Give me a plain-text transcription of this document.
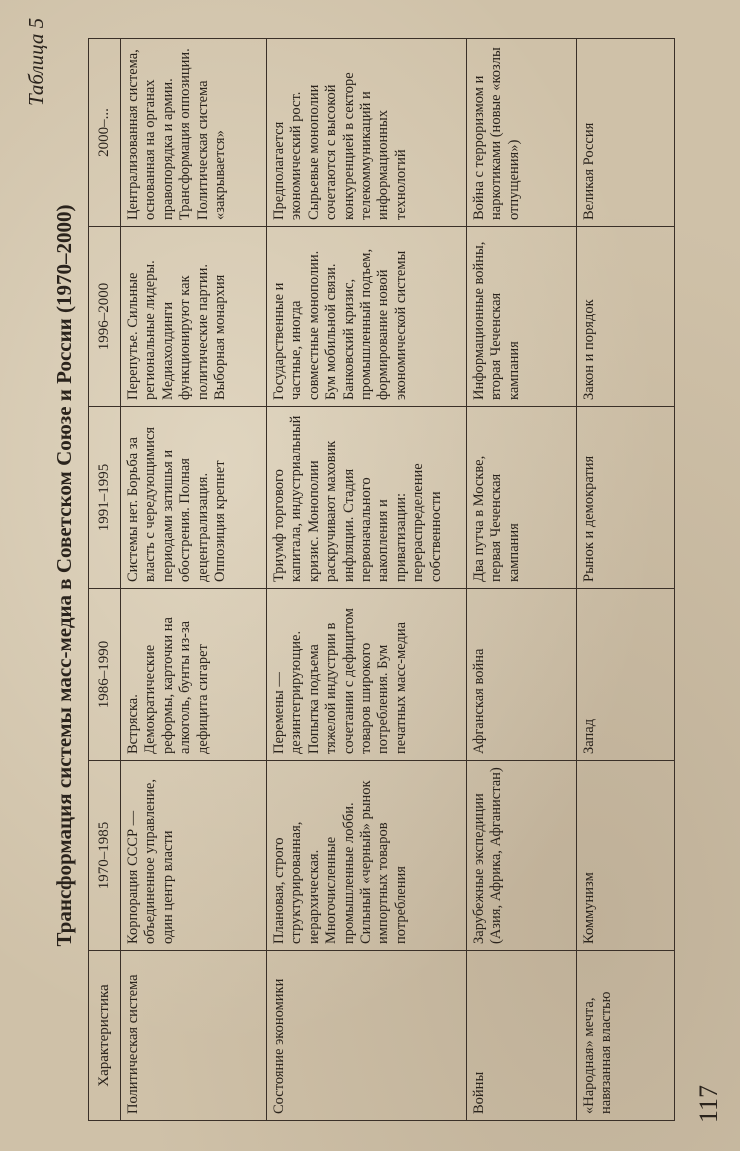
Таблица 5
Трансформация системы масс-медиа в Советском Союзе и России (1970–2000)
Характеристика	1970–1985	1986–1990	1991–1995	1996–2000	2000–...
Политическая система	Корпорация СССР — объединенное управление, один центр власти	Встряска. Демократические реформы, карточки на алкоголь, бунты из-за дефицита сигарет	Системы нет. Борьба за власть с чередующимися периодами затишья и обострения. Полная децентрализация. Оппозиция крепнет	Перепутье. Сильные региональные лидеры. Медиахолдинги функционируют как политические партии. Выборная монархия	Централизованная система, основанная на органах правопорядка и армии. Трансформация оппозиции. Политическая система «закрывается»
Состояние экономики	Плановая, строго структурированная, иерархическая. Многочисленные промышленные лобби. Сильный «черный» рынок импортных товаров потребления	Перемены — дезинтегрирующие. Попытка подъема тяжелой индустрии в сочетании с дефицитом товаров широкого потребления. Бум печатных масс-медиа	Триумф торгового капитала, индустриальный кризис. Монополии раскручивают маховик инфляции. Стадия первоначального накопления и приватизации: перераспределение собственности	Государственные и частные, иногда совместные монополии. Бум мобильной связи. Банковский кризис, промышленный подъем, формирование новой экономической системы	Предполагается экономический рост. Сырьевые монополии сочетаются с высокой конкуренцией в секторе телекоммуникаций и информационных технологий
Войны	Зарубежные экспедиции (Азия, Африка, Афганистан)	Афганская война	Два путча в Москве, первая Чеченская кампания	Информационные войны, вторая Чеченская кампания	Война с терроризмом и наркотиками (новые «козлы отпущения»)
«Народная» мечта, навязанная властью	Коммунизм	Запад	Рынок и демократия	Закон и порядок	Великая Россия
117
